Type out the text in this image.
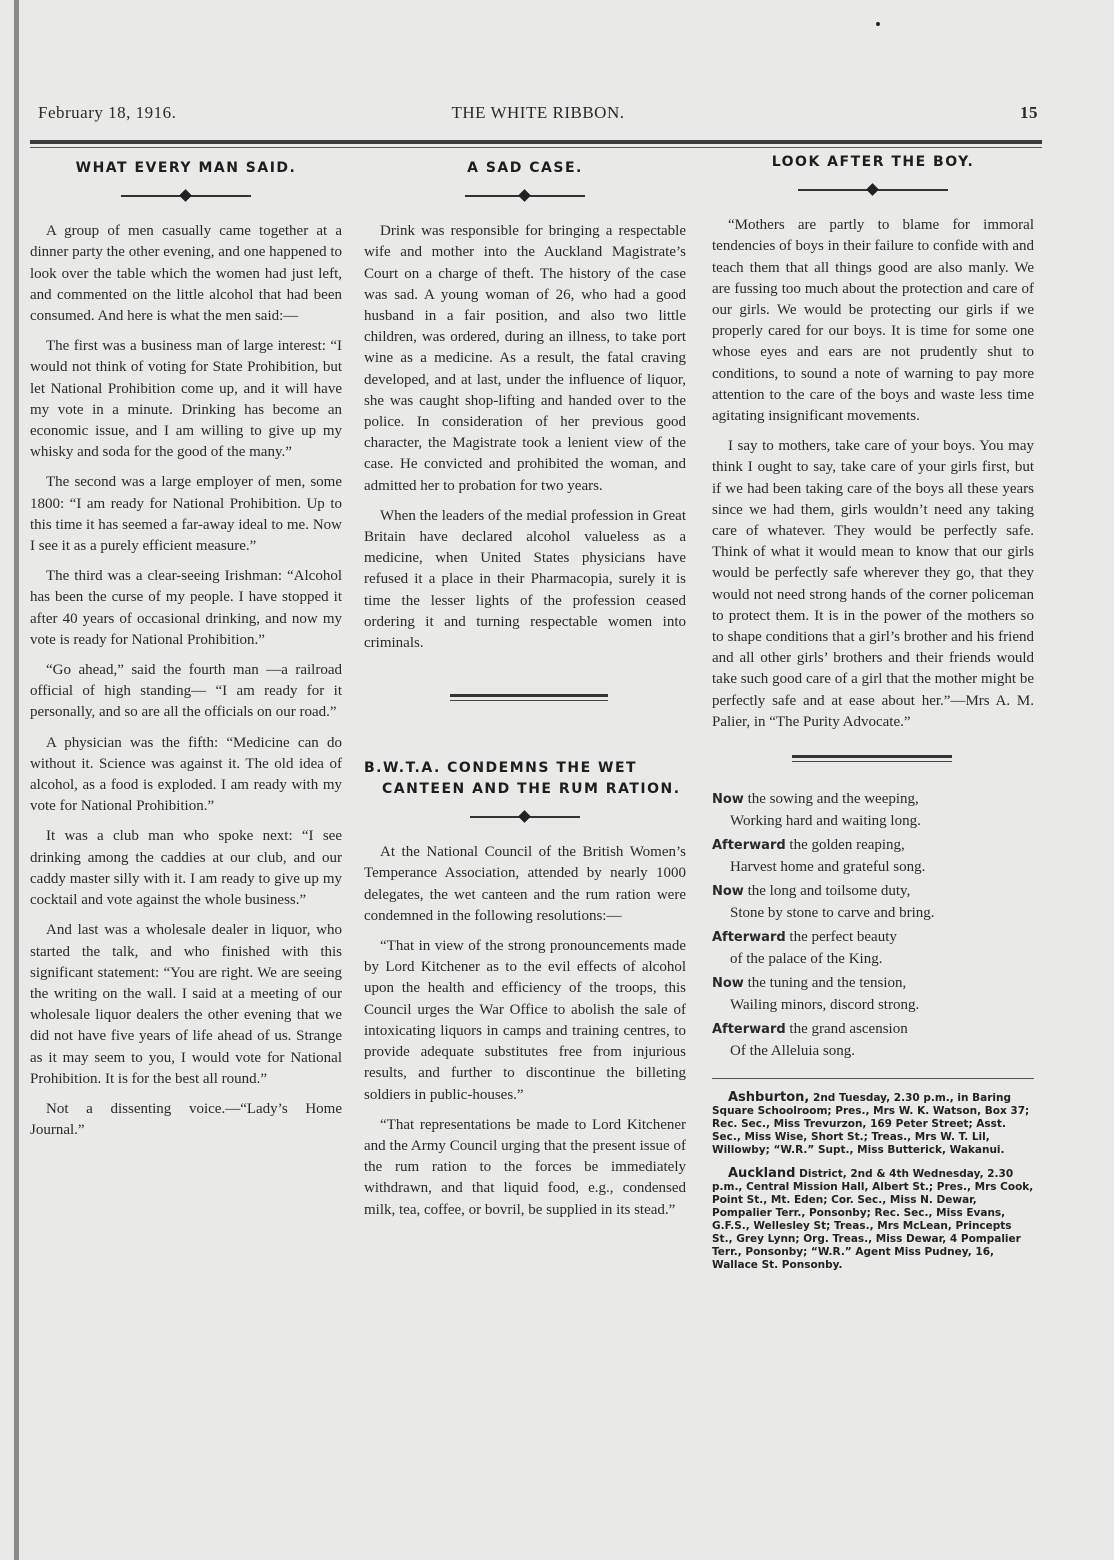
February 18, 1916.	THE WHITE RIBBON.	15
WHAT EVERY MAN SAID.

A group of men casually came together at a dinner party the other evening, and one happened to look over the table which the women had just left, and commented on the little alcohol that had been consumed. And here is what the men said:—

The first was a business man of large interest: “I would not think of voting for State Prohibition, but let National Prohibition come up, and it will have my vote in a minute. Drinking has become an economic issue, and I am willing to give up my whisky and soda for the good of the many.”

The second was a large employer of men, some 1800: “I am ready for National Prohibition. Up to this time it has seemed a far-away ideal to me. Now I see it as a purely efficient measure.”

The third was a clear-seeing Irishman: “Alcohol has been the curse of my people. I have stopped it after 40 years of occasional drinking, and now my vote is ready for National Prohibition.”

“Go ahead,” said the fourth man —a railroad official of high standing— “I am ready for it personally, and so are all the officials on our road.”

A physician was the fifth: “Medicine can do without it. Science was against it. The old idea of alcohol, as a food is exploded. I am ready with my vote for National Prohibition.”

It was a club man who spoke next: “I see drinking among the caddies at our club, and our caddy master silly with it. I am ready to give up my cocktail and vote against the whole business.”

And last was a wholesale dealer in liquor, who started the talk, and who finished with this significant statement: “You are right. We are seeing the writing on the wall. I said at a meeting of our wholesale liquor dealers the other evening that we did not have five years of life ahead of us. Strange as it may seem to you, I would vote for National Prohibition. It is for the best all round.”

Not a dissenting voice.—“Lady’s Home Journal.”

A SAD CASE.

Drink was responsible for bringing a respectable wife and mother into the Auckland Magistrate’s Court on a charge of theft. The history of the case was sad. A young woman of 26, who had a good husband in a fair position, and also two little children, was ordered, during an illness, to take port wine as a medicine. As a result, the fatal craving developed, and at last, under the influence of liquor, she was caught shop-lifting and handed over to the police. In consideration of her previous good character, the Magistrate took a lenient view of the case. He convicted and prohibited the woman, and admitted her to probation for two years.

When the leaders of the medial profession in Great Britain have declared alcohol valueless as a medicine, when United States physicians have refused it a place in their Pharmacopia, surely it is time the lesser lights of the profession ceased ordering it and turning respectable women into criminals.

B.W.T.A. CONDEMNS THE WET CANTEEN AND THE RUM RATION.

At the National Council of the British Women’s Temperance Association, attended by nearly 1000 delegates, the wet canteen and the rum ration were condemned in the following resolutions:—

“That in view of the strong pronouncements made by Lord Kitchener as to the evil effects of alcohol upon the health and efficiency of the troops, this Council urges the War Office to abolish the sale of intoxicating liquors in camps and training centres, to provide adequate substitutes free from injurious results, and further to discontinue the billeting soldiers in public-houses.”

“That representations be made to Lord Kitchener and the Army Council urging that the present issue of the rum ration to the forces be immediately withdrawn, and that liquid food, e.g., condensed milk, tea, coffee, or bovril, be supplied in its stead.”

LOOK AFTER THE BOY.

“Mothers are partly to blame for immoral tendencies of boys in their failure to confide with and teach them that all things good are also manly. We are fussing too much about the protection and care of our girls. We would be protecting our girls if we properly cared for our boys. It is time for some one whose eyes and ears are not prudently shut to conditions, to sound a note of warning to pay more attention to the care of the boys and waste less time agitating insignificant movements.

I say to mothers, take care of your boys. You may think I ought to say, take care of your girls first, but if we had been taking care of the boys all these years since we had them, girls wouldn’t need any taking care of whatever. They would be perfectly safe. Think of what it would mean to know that our girls would be perfectly safe wherever they go, that they would not need strong hands of the corner policeman to protect them. It is in the power of the mothers so to shape conditions that a girl’s brother and his friend and all other girls’ brothers and their friends would take such good care of a girl that the mother might be perfectly safe and at ease about her.”—Mrs A. M. Palier, in “The Purity Advocate.”

Now the sowing and the weeping,
Working hard and waiting long.
Afterward the golden reaping,
Harvest home and grateful song.
Now the long and toilsome duty,
Stone by stone to carve and bring.
Afterward the perfect beauty
of the palace of the King.
Now the tuning and the tension,
Wailing minors, discord strong.
Afterward the grand ascension
Of the Alleluia song.

Ashburton, 2nd Tuesday, 2.30 p.m., in Baring Square Schoolroom; Pres., Mrs W. K. Watson, Box 37; Rec. Sec., Miss Trevurzon, 169 Peter Street; Asst. Sec., Miss Wise, Short St.; Treas., Mrs W. T. Lil, Willowby; “W.R.” Supt., Miss Butterick, Wakanui.

Auckland District, 2nd & 4th Wednesday, 2.30 p.m., Central Mission Hall, Albert St.; Pres., Mrs Cook, Point St., Mt. Eden; Cor. Sec., Miss N. Dewar, Pompalier Terr., Ponsonby; Rec. Sec., Miss Evans, G.F.S., Wellesley St; Treas., Mrs McLean, Princepts St., Grey Lynn; Org. Treas., Miss Dewar, 4 Pompalier Terr., Ponsonby; “W.R.” Agent Miss Pudney, 16, Wallace St. Ponsonby.
